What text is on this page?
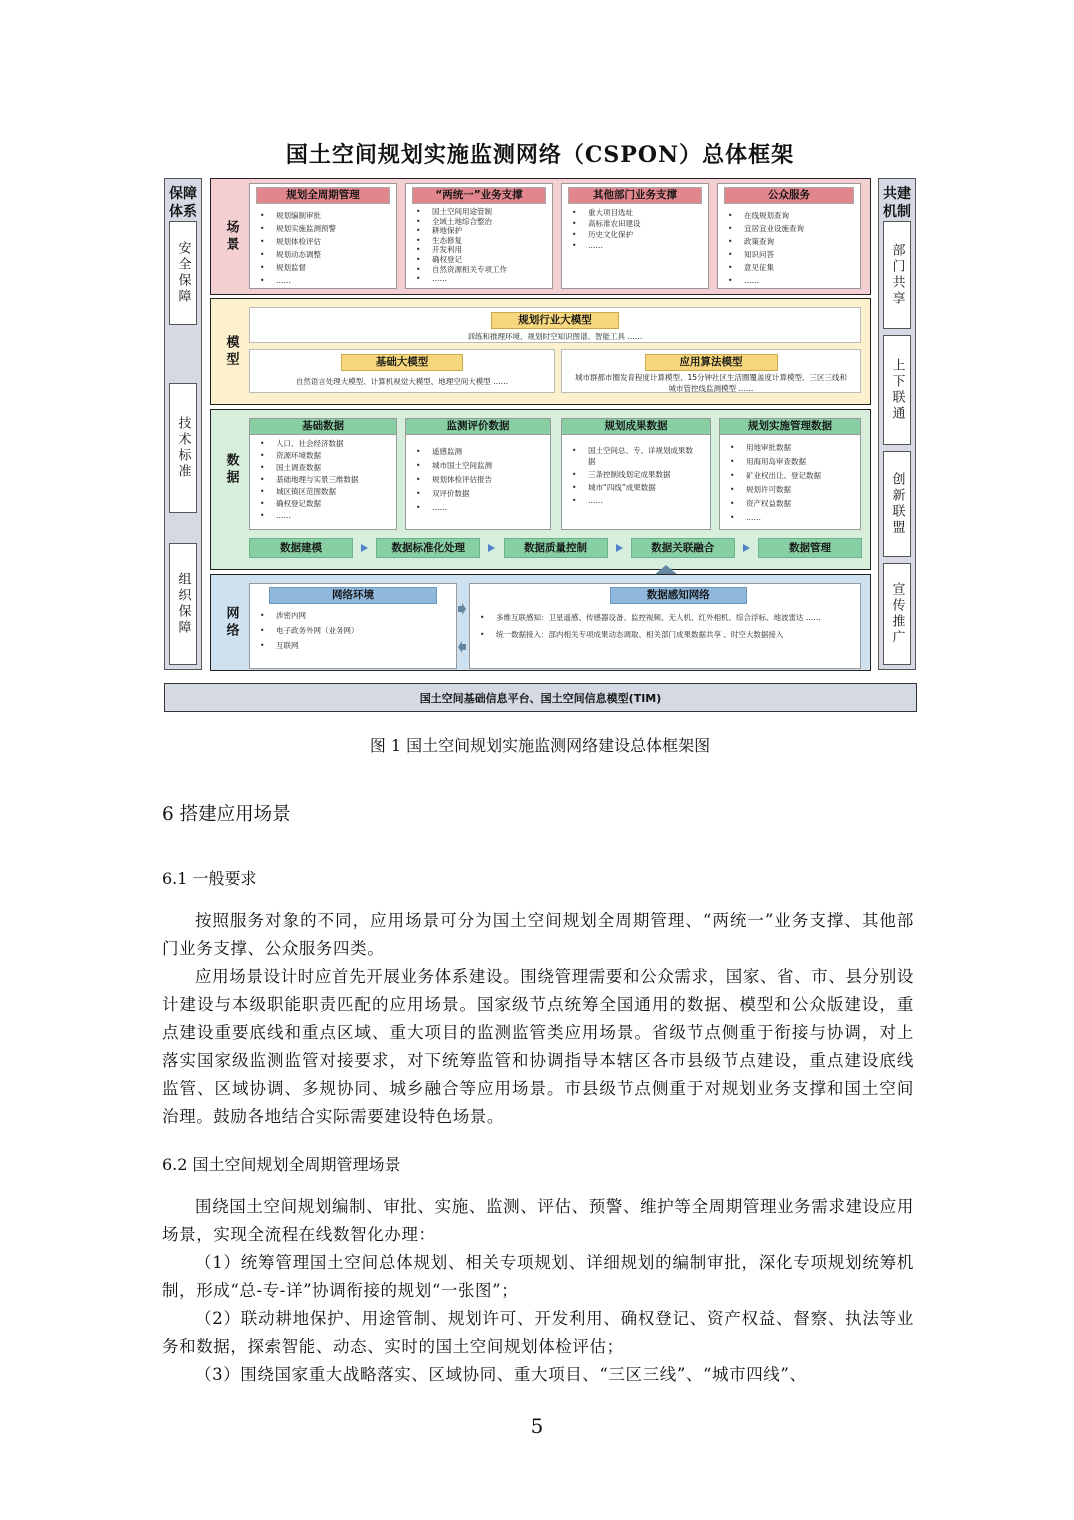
国土空间规划实施监测网络（CSPON）总体框架
保障体系
安全保障
技术标准
组织保障
共建机制
部门共享
上下联通
创新联盟
宣传推广
场景
规划全周期管理
• 规划编制审批
• 规划实施监测预警
• 规划体检评估
• 规划动态调整
• 规划监督
• ……
“两统一”业务支撑
• 国土空间用途管制
• 全域土地综合整治
• 耕地保护
• 生态修复
• 开发利用
• 确权登记
• 自然资源相关专项工作
• ……
其他部门业务支撑
• 重大项目选址
• 高标准农田建设
• 历史文化保护
• ……
公众服务
• 在线规划查询
• 宜居宜业设施查询
• 政策查询
• 知识问答
• 意见征集
• ……
模型
规划行业大模型
训练和推理环境、规划时空知识图谱、智能工具 ……
基础大模型
自然语言处理大模型、计算机视觉大模型、地理空间大模型 ……
应用算法模型
城市群都市圈发育程度计算模型、15分钟社区生活圈覆盖度计算模型、三区三线和城市管控线监测模型 ……
数据
基础数据
• 人口、社会经济数据
• 资源环境数据
• 国土调查数据
• 基础地理与实景三维数据
• 城区镇区范围数据
• 确权登记数据
• ……
监测评价数据
• 遥感监测
• 城市国土空间监测
• 规划体检评估报告
• 双评价数据
• ……
规划成果数据
• 国土空间总、专、详规划成果数据
• 三条控制线划定成果数据
• 城市“四线”成果数据
• ……
规划实施管理数据
• 用地审批数据
• 用海用岛审查数据
• 矿业权出让、登记数据
• 规划许可数据
• 资产权益数据
• ……
数据建模	数据标准化处理	数据质量控制	数据关联融合	数据管理
网络
网络环境
• 涉密内网
• 电子政务外网（业务网）
• 互联网
数据感知网络
• 多维互联感知：卫星遥感、传感器设备、监控视频、无人机、红外相机、综合浮标、地波雷达 ……
• 统一数据接入：部内相关专项成果动态调取、相关部门成果数据共享 、时空大数据接入
国土空间基础信息平台、国土空间信息模型(TIM)
图 1 国土空间规划实施监测网络建设总体框架图
6 搭建应用场景
6.1 一般要求
按照服务对象的不同，应用场景可分为国土空间规划全周期管理、“两统一”业务支撑、其他部门业务支撑、公众服务四类。
应用场景设计时应首先开展业务体系建设。围绕管理需要和公众需求，国家、省、市、县分别设计建设与本级职能职责匹配的应用场景。国家级节点统筹全国通用的数据、模型和公众版建设，重点建设重要底线和重点区域、重大项目的监测监管类应用场景。省级节点侧重于衔接与协调，对上落实国家级监测监管对接要求，对下统筹监管和协调指导本辖区各市县级节点建设，重点建设底线监管、区域协调、多规协同、城乡融合等应用场景。市县级节点侧重于对规划业务支撑和国土空间治理。鼓励各地结合实际需要建设特色场景。
6.2 国土空间规划全周期管理场景
围绕国土空间规划编制、审批、实施、监测、评估、预警、维护等全周期管理业务需求建设应用场景，实现全流程在线数智化办理：
（1）统筹管理国土空间总体规划、相关专项规划、详细规划的编制审批，深化专项规划统筹机制，形成“总-专-详”协调衔接的规划“一张图”；
（2）联动耕地保护、用途管制、规划许可、开发利用、确权登记、资产权益、督察、执法等业务和数据，探索智能、动态、实时的国土空间规划体检评估；
（3）围绕国家重大战略落实、区域协同、重大项目、“三区三线”、“城市四线”、
5
